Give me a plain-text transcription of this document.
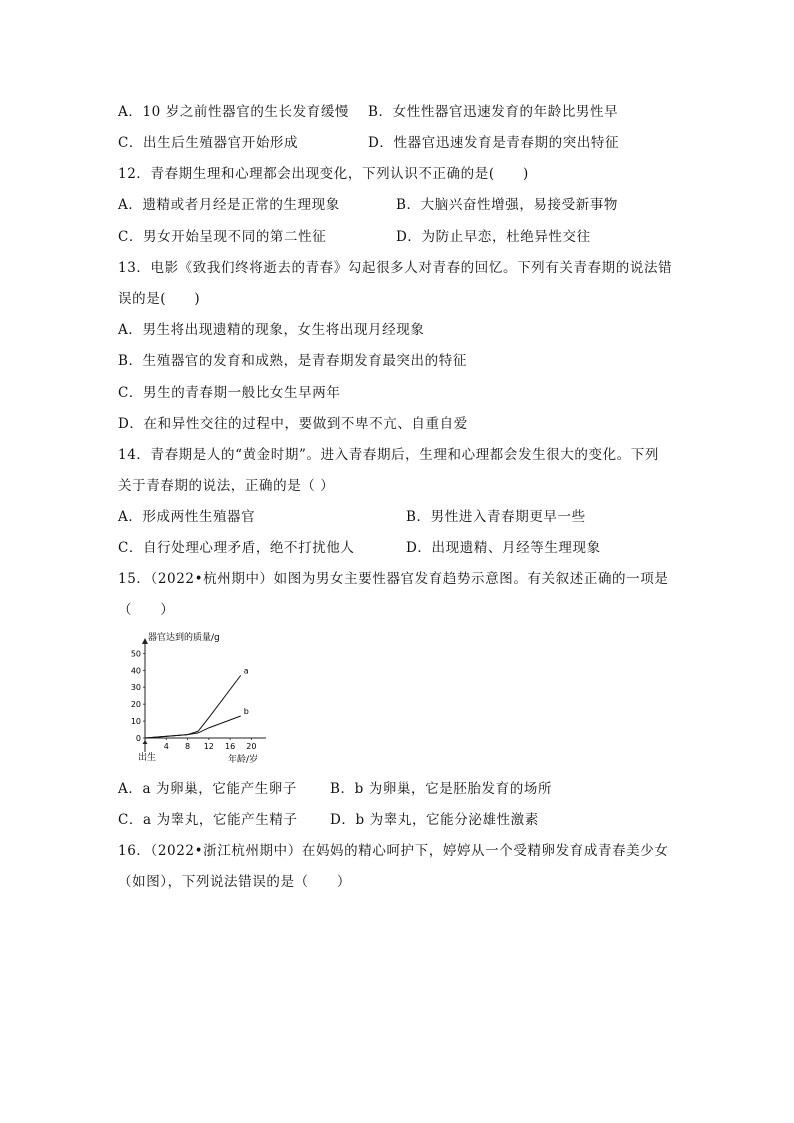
A．10 岁之前性器官的生长发育缓慢 B．女性性器官迅速发育的年龄比男性早
C．出生后生殖器官开始形成	D．性器官迅速发育是青春期的突出特征
12．青春期生理和心理都会出现变化，下列认识不正确的是(　　)
A．遗精或者月经是正常的生理现象	B．大脑兴奋性增强，易接受新事物
C．男女开始呈现不同的第二性征	D．为防止早恋，杜绝异性交往
13．电影《致我们终将逝去的青春》勾起很多人对青春的回忆。下列有关青春期的说法错
误的是(　　)
A．男生将出现遗精的现象，女生将出现月经现象
B．生殖器官的发育和成熟，是青春期发育最突出的特征
C．男生的青春期一般比女生早两年
D．在和异性交往的过程中，要做到不卑不亢、自重自爱
14．青春期是人的“黄金时期”。进入青春期后，生理和心理都会发生很大的变化。下列
关于青春期的说法，正确的是（ ）
A．形成两性生殖器官	B．男性进入青春期更早一些
C．自行处理心理矛盾，绝不打扰他人	D．出现遗精、月经等生理现象
15．（2022•杭州期中）如图为男女主要性器官发育趋势示意图。有关叙述正确的一项是
（　　）
0
10
20
30
40
50
4 8 12 16 20
a
b
器官达到的质量/g
年龄/岁
出生
A．a 为卵巢，它能产生卵子 B．b 为卵巢，它是胚胎发育的场所
C．a 为睾丸，它能产生精子 D．b 为睾丸，它能分泌雄性激素
16．（2022•浙江杭州期中）在妈妈的精心呵护下，婷婷从一个受精卵发育成青春美少女
（如图），下列说法错误的是（　　）
